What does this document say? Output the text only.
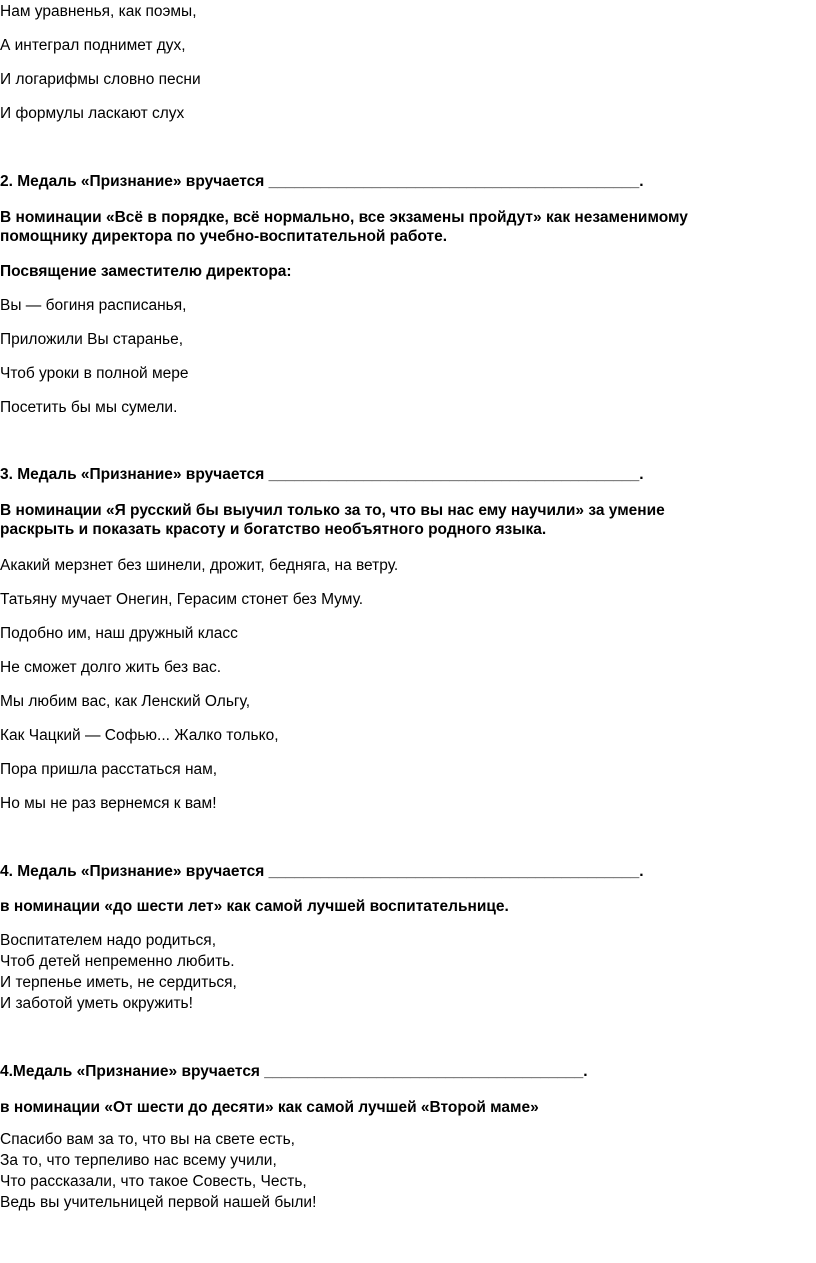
Нам уравненья, как поэмы,

А интеграл поднимет дух,

И логарифмы словно песни

И формулы ласкают слух

2. Медаль «Признание» вручается ___________________________________________.

В номинации «Всё в порядке, всё нормально, все экзамены пройдут» как незаменимому

помощнику директора по учебно-воспитательной работе.

Посвящение заместителю директора:

Вы — богиня расписанья,

Приложили Вы старанье,

Чтоб уроки в полной мере

Посетить бы мы сумели.

3. Медаль «Признание» вручается ___________________________________________.

В номинации «Я русский бы выучил только за то, что вы нас ему научили» за умение

раскрыть и показать красоту и богатство необъятного родного языка.

Акакий мерзнет без шинели, дрожит, бедняга, на ветру.

Татьяну мучает Онегин, Герасим стонет без Муму.

Подобно им, наш дружный класс

Не сможет долго жить без вас.

Мы любим вас, как Ленский Ольгу,

Как Чацкий — Софью... Жалко только,

Пора пришла расстаться нам,

Но мы не раз вернемся к вам!

4. Медаль «Признание» вручается ___________________________________________.

в номинации «до шести лет» как самой лучшей воспитательнице.

Воспитателем надо родиться,

Чтоб детей непременно любить.

И терпенье иметь, не сердиться,

И заботой уметь окружить!

4.Медаль «Признание» вручается _____________________________________.

в номинации «От шести до десяти» как самой лучшей «Второй маме»

Спасибо вам за то, что вы на свете есть,

За то, что терпеливо нас всему учили,

Что рассказали, что такое Совесть, Честь,

Ведь вы учительницей первой нашей были!
